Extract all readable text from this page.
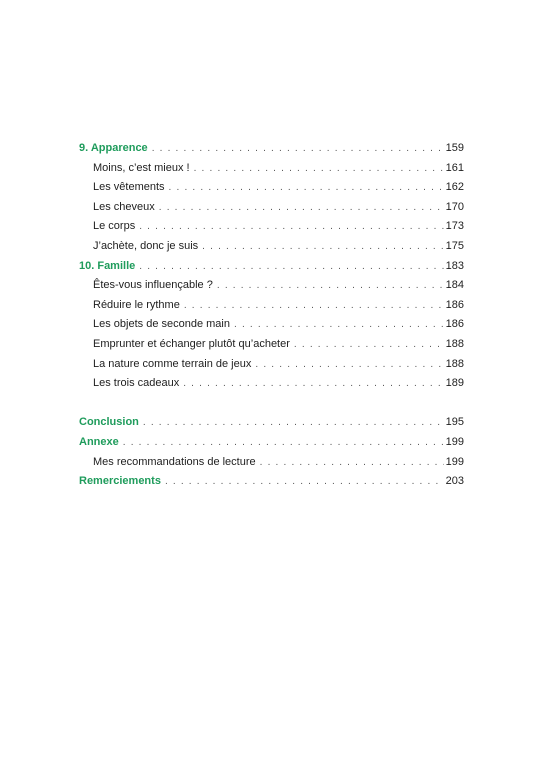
9. Apparence . . .	159
Moins, c’est mieux ! . . .	161
Les vêtements . . .	162
Les cheveux . . .	170
Le corps . . .	173
J’achète, donc je suis . . .	175
10. Famille . . .	183
Êtes-vous influençable ? . . .	184
Réduire le rythme . . .	186
Les objets de seconde main . . .	186
Emprunter et échanger plutôt qu’acheter . . .	188
La nature comme terrain de jeux . . .	188
Les trois cadeaux . . .	189
Conclusion . . .	195
Annexe . . .	199
Mes recommandations de lecture . . .	199
Remerciements . . .	203
